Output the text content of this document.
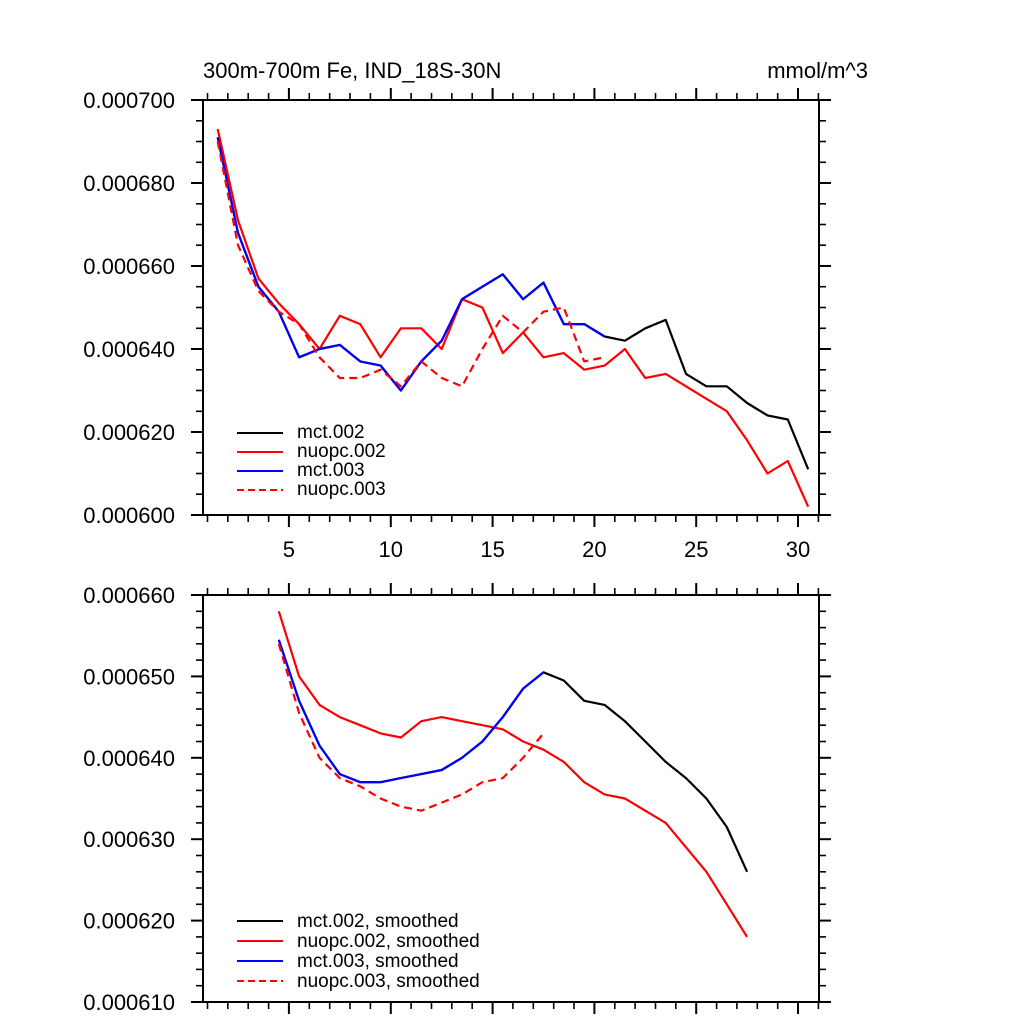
5	10	15	20	25	30
0.000600
0.000620
0.000640
0.000660
0.000680
0.000700
0.000610
0.000620
0.000630
0.000640
0.000650
0.000660
300m-700m Fe, IND_18S-30N	mmol/m^3
mct.002
nuopc.002
mct.003
nuopc.003
mct.002, smoothed
nuopc.002, smoothed
mct.003, smoothed
nuopc.003, smoothed
